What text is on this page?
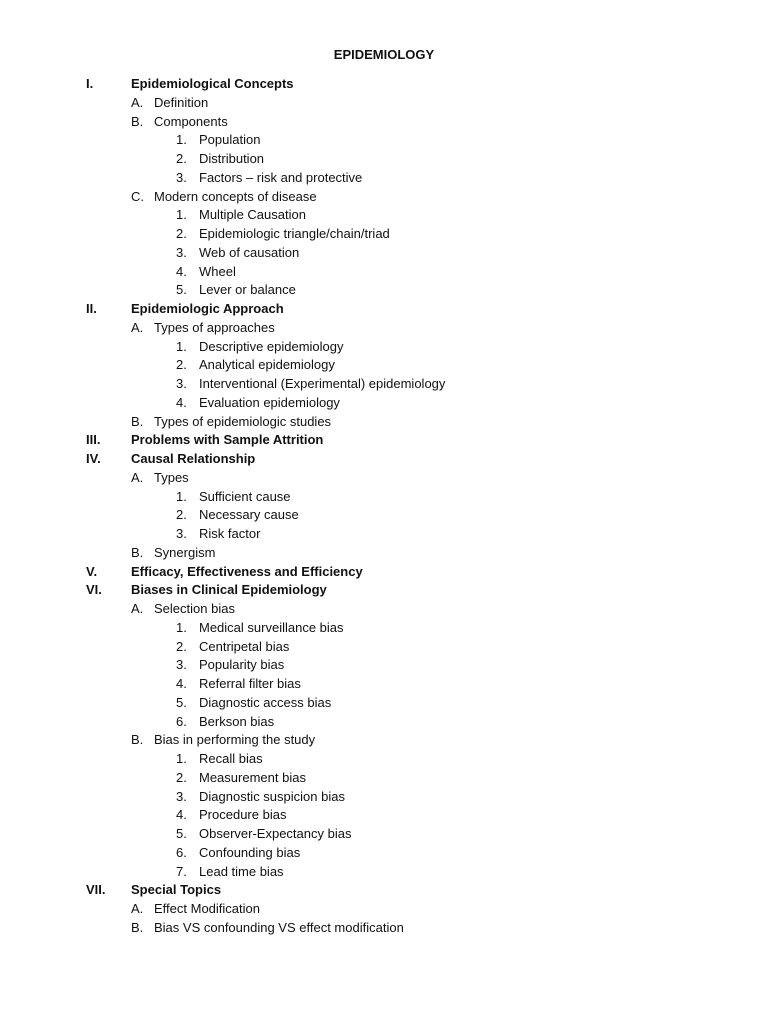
EPIDEMIOLOGY
I.	Epidemiological Concepts
A. Definition
B. Components
1. Population
2. Distribution
3. Factors – risk and protective
C. Modern concepts of disease
1. Multiple Causation
2. Epidemiologic triangle/chain/triad
3. Web of causation
4. Wheel
5. Lever or balance
II.	Epidemiologic Approach
A. Types of approaches
1. Descriptive epidemiology
2. Analytical epidemiology
3. Interventional (Experimental) epidemiology
4. Evaluation epidemiology
B. Types of epidemiologic studies
III. Problems with Sample Attrition
IV. Causal Relationship
A. Types
1. Sufficient cause
2. Necessary cause
3. Risk factor
B. Synergism
V.	Efficacy, Effectiveness and Efficiency
VI. Biases in Clinical Epidemiology
A. Selection bias
1. Medical surveillance bias
2. Centripetal bias
3. Popularity bias
4. Referral filter bias
5. Diagnostic access bias
6. Berkson bias
B. Bias in performing the study
1. Recall bias
2. Measurement bias
3. Diagnostic suspicion bias
4. Procedure bias
5. Observer-Expectancy bias
6. Confounding bias
7. Lead time bias
VII. Special Topics
A. Effect Modification
B. Bias VS confounding VS effect modification
